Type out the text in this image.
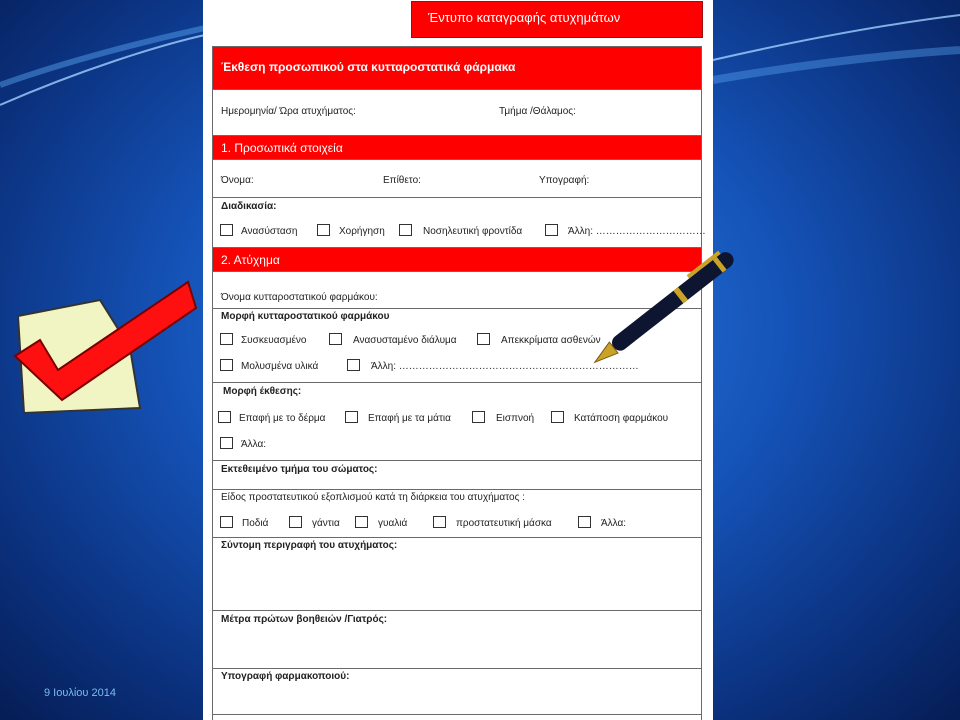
Έντυπο καταγραφής ατυχημάτων
Έκθεση προσωπικού στα κυτταροστατικά φάρμακα
Ημερομηνία/ Ώρα ατυχήματος:	Τμήμα /Θάλαμος:
1. Προσωπικά στοιχεία
Όνομα:	Επίθετο:	Υπογραφή:
Διαδικασία:
Ανασύσταση	Χορήγηση	Νοσηλευτική φροντίδα	Άλλη: ……………………………
2. Ατύχημα
Όνομα κυτταροστατικού φαρμάκου:
Μορφή κυτταροστατικού φαρμάκου
Συσκευασμένο	Ανασυσταμένο διάλυμα	Απεκκρίματα ασθενών
Μολυσμένα υλικά	Άλλη: ………………………………………………………………
Μορφή έκθεσης:
Επαφή με το δέρμα	Επαφή με τα μάτια	Εισπνοή	Κατάποση φαρμάκου
Άλλα:
Εκτεθειμένο τμήμα του σώματος:
Είδος προστατευτικού εξοπλισμού κατά τη διάρκεια του ατυχήματος :
Ποδιά	γάντια	γυαλιά	προστατευτική μάσκα	Άλλα:
Σύντομη περιγραφή του ατυχήματος:
Μέτρα πρώτων βοηθειών /Γιατρός:
Υπογραφή φαρμακοποιού:
9 Ιουλίου 2014
